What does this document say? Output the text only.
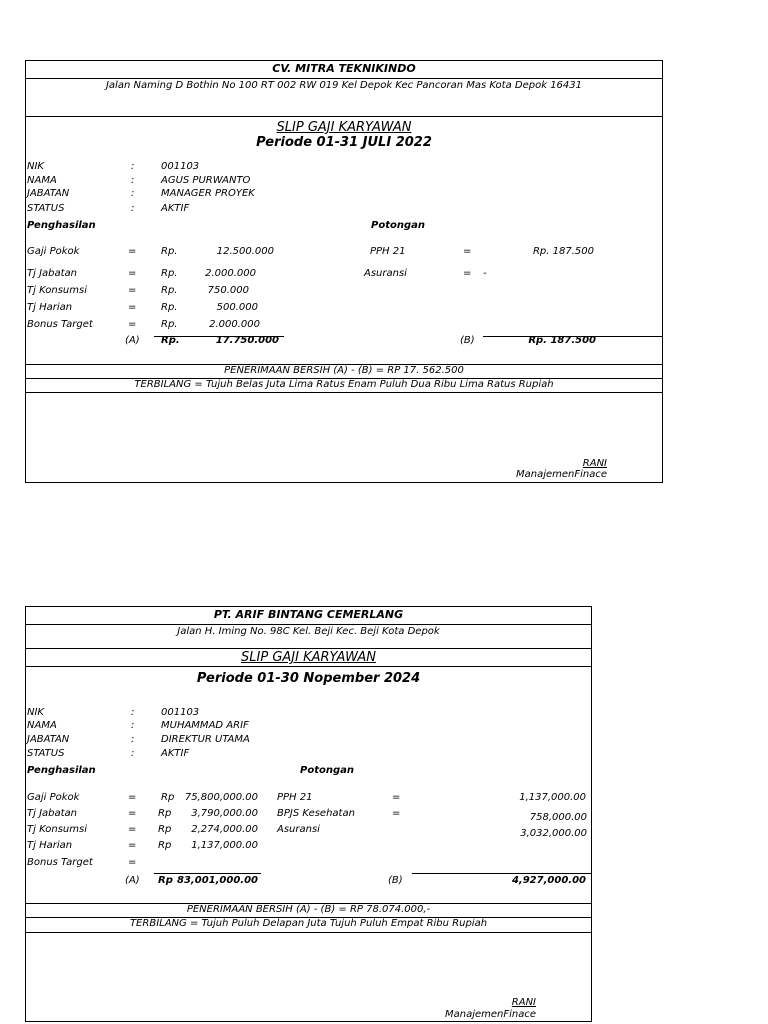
CV. MITRA TEKNIKINDO
Jalan Naming D Bothin No 100 RT 002 RW 019 Kel Depok Kec Pancoran Mas Kota Depok 16431
SLIP GAJI KARYAWAN
Periode 01-31 JULI 2022
NIK	:	001103
NAMA	:	AGUS PURWANTO
JABATAN	:	MANAGER PROYEK
STATUS	:	AKTIF
Penghasilan	Potongan
Gaji Pokok	= Rp.	12.500.000
Tj Jabatan	= Rp.	2.000.000
Tj Konsumsi	= Rp.	750.000
Tj Harian	= Rp.	500.000
Bonus Target	= Rp.	2.000.000
PPH 21	=	Rp. 187.500
Asuransi	= -
(A) Rp.	17.750.000	(B)	Rp. 187.500
PENERIMAAN BERSIH (A) - (B) = RP 17. 562.500
TERBILANG = Tujuh Belas Juta Lima Ratus Enam Puluh Dua Ribu Lima Ratus Rupiah
RANI
ManajemenFinace
PT. ARIF BINTANG CEMERLANG
Jalan H. Iming No. 98C Kel. Beji Kec. Beji Kota Depok
SLIP GAJI KARYAWAN
Periode 01-30 Nopember 2024
NIK	:	001103
NAMA	:	MUHAMMAD ARIF
JABATAN	:	DIREKTUR UTAMA
STATUS	:	AKTIF
Penghasilan	Potongan
Gaji Pokok	= Rp	75,800,000.00
Tj Jabatan	= Rp	3,790,000.00
Tj Konsumsi	= Rp	2,274,000.00
Tj Harian	= Rp	1,137,000.00
Bonus Target	=
PPH 21	=	1,137,000.00
BPJS Kesehatan	=	758,000.00
Asuransi	3,032,000.00
(A) Rp 83,001,000.00	(B)	4,927,000.00
PENERIMAAN BERSIH (A) - (B) = RP 78.074.000,-
TERBILANG = Tujuh Puluh Delapan Juta Tujuh Puluh Empat Ribu Rupiah
RANI
ManajemenFinace
